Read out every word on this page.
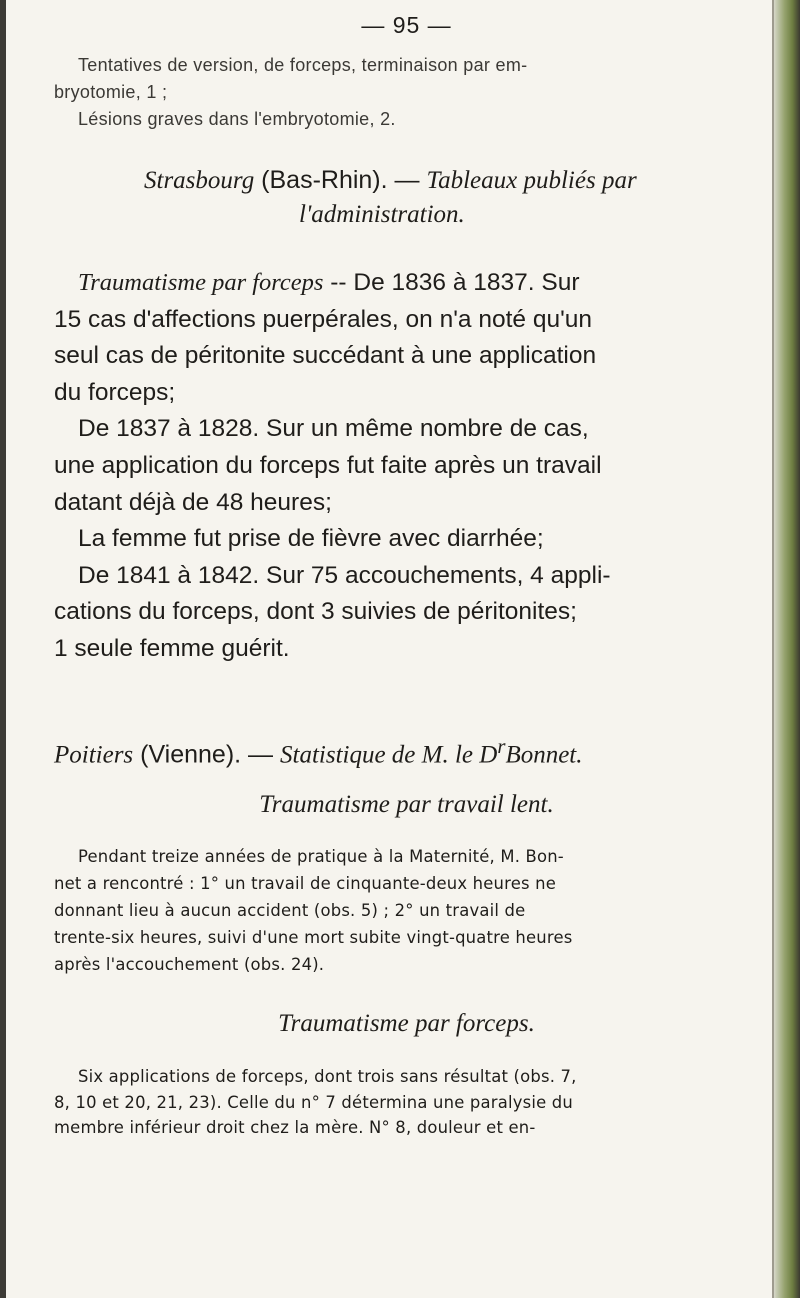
— 95 —

Tentatives de version, de forceps, terminaison par em-

bryotomie, 1 ;

Lésions graves dans l'embryotomie, 2.

Strasbourg (Bas-Rhin). — Tableaux publiés par
l'administration.

Traumatisme par forceps -- De 1836 à 1837. Sur

15 cas d'affections puerpérales, on n'a noté qu'un

seul cas de péritonite succédant à une application

du forceps;

De 1837 à 1828. Sur un même nombre de cas,

une application du forceps fut faite après un travail

datant déjà de 48 heures;

La femme fut prise de fièvre avec diarrhée;

De 1841 à 1842. Sur 75 accouchements, 4 appli-

cations du forceps, dont 3 suivies de péritonites;

1 seule femme guérit.

Poitiers (Vienne). — Statistique de M. le $D^rBonnet$.
Traumatisme par travail lent.

Pendant treize années de pratique à la Maternité, M. Bon-

net a rencontré : 1° un travail de cinquante-deux heures ne

donnant lieu à aucun accident (obs. 5) ; 2° un travail de

trente-six heures, suivi d'une mort subite vingt-quatre heures

après l'accouchement (obs. 24).

Traumatisme par forceps.

Six applications de forceps, dont trois sans résultat (obs. 7,

8, 10 et 20, 21, 23). Celle du n° 7 détermina une paralysie du

membre inférieur droit chez la mère. N° 8, douleur et en-
